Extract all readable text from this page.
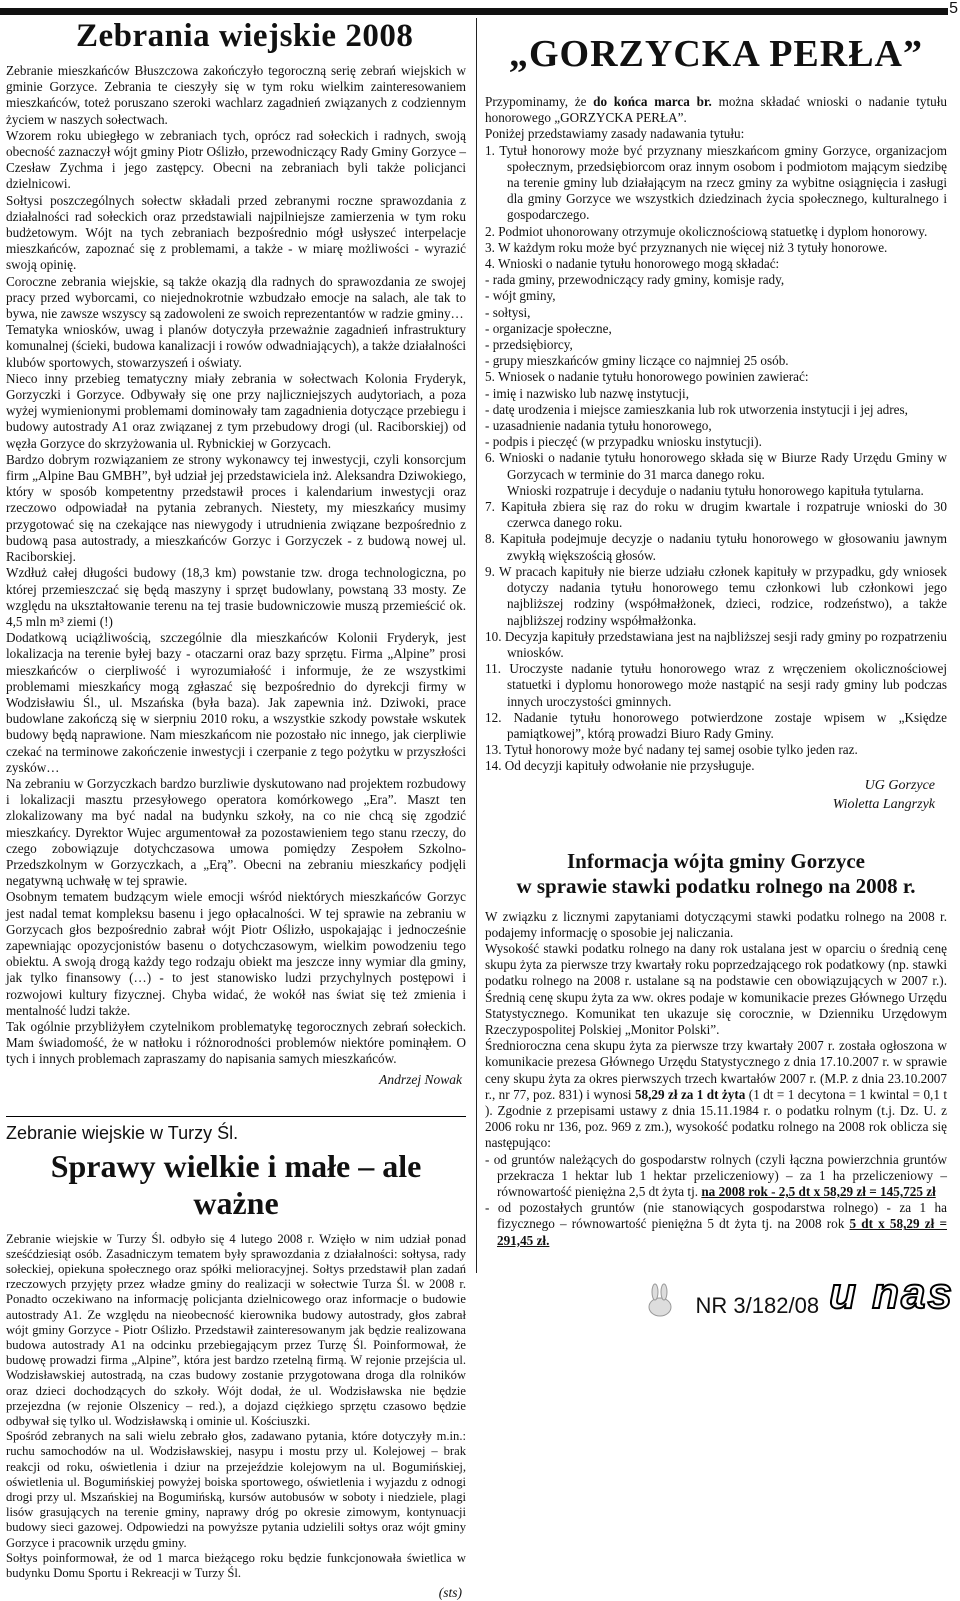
5
Zebrania wiejskie 2008

Zebranie mieszkańców Błuszczowa zakończyło tegoroczną serię zebrań wiejskich w gminie Gorzyce. Zebrania te cieszyły się w tym roku wielkim zainteresowaniem mieszkańców, toteż poruszano szeroki wachlarz zagadnień związanych z codziennym życiem w naszych sołectwach.

Wzorem roku ubiegłego w zebraniach tych, oprócz rad sołeckich i radnych, swoją obecność zaznaczył wójt gminy Piotr Oślizło, przewodniczący Rady Gminy Gorzyce – Czesław Zychma i jego zastępcy. Obecni na zebraniach byli także policjanci dzielnicowi.

Sołtysi poszczególnych sołectw składali przed zebranymi roczne sprawozdania z działalności rad sołeckich oraz przedstawiali najpilniejsze zamierzenia w tym roku budżetowym. Wójt na tych zebraniach bezpośrednio mógł usłyszeć interpelacje mieszkańców, zapoznać się z problemami, a także - w miarę możliwości - wyrazić swoją opinię.

Coroczne zebrania wiejskie, są także okazją dla radnych do sprawozdania ze swojej pracy przed wyborcami, co niejednokrotnie wzbudzało emocje na salach, ale tak to bywa, nie zawsze wszyscy są zadowoleni ze swoich reprezentantów w radzie gminy…

Tematyka wniosków, uwag i planów dotyczyła przeważnie zagadnień infrastruktury komunalnej (ścieki, budowa kanalizacji i rowów odwadniających), a także działalności klubów sportowych, stowarzyszeń i oświaty.

Nieco inny przebieg tematyczny miały zebrania w sołectwach Kolonia Fryderyk, Gorzyczki i Gorzyce. Odbywały się one przy najliczniejszych audytoriach, a poza wyżej wymienionymi problemami dominowały tam zagadnienia dotyczące przebiegu i budowy autostrady A1 oraz związanej z tym przebudowy drogi (ul. Raciborskiej) od węzła Gorzyce do skrzyżowania ul. Rybnickiej w Gorzycach.

Bardzo dobrym rozwiązaniem ze strony wykonawcy tej inwestycji, czyli konsorcjum firm „Alpine Bau GMBH”, był udział jej przedstawiciela inż. Aleksandra Dziwokiego, który w sposób kompetentny przedstawił proces i kalendarium inwestycji oraz rzeczowo odpowiadał na pytania zebranych. Niestety, my mieszkańcy musimy przygotować się na czekające nas niewygody i utrudnienia związane bezpośrednio z budową pasa autostrady, a mieszkańców Gorzyc i Gorzyczek - z budową nowej ul. Raciborskiej.

Wzdłuż całej długości budowy (18,3 km) powstanie tzw. droga technologiczna, po której przemieszczać się będą maszyny i sprzęt budowlany, powstaną 33 mosty. Ze względu na ukształtowanie terenu na tej trasie budowniczowie muszą przemieścić ok. 4,5 mln m³ ziemi (!)

Dodatkową uciążliwością, szczególnie dla mieszkańców Kolonii Fryderyk, jest lokalizacja na terenie byłej bazy - otaczarni oraz bazy sprzętu. Firma „Alpine” prosi mieszkańców o cierpliwość i wyrozumiałość i informuje, że ze wszystkimi problemami mieszkańcy mogą zgłaszać się bezpośrednio do dyrekcji firmy w Wodzisławiu Śl., ul. Mszańska (była baza). Jak zapewnia inż. Dziwoki, prace budowlane zakończą się w sierpniu 2010 roku, a wszystkie szkody powstałe wskutek budowy będą naprawione. Nam mieszkańcom nie pozostało nic innego, jak cierpliwie czekać na terminowe zakończenie inwestycji i czerpanie z tego pożytku w przyszłości zysków…

Na zebraniu w Gorzyczkach bardzo burzliwie dyskutowano nad projektem rozbudowy i lokalizacji masztu przesyłowego operatora komórkowego „Era”. Maszt ten zlokalizowany ma być nadal na budynku szkoły, na co nie chcą się zgodzić mieszkańcy. Dyrektor Wujec argumentował za pozostawieniem tego stanu rzeczy, do czego zobowiązuje dotychczasowa umowa pomiędzy Zespołem Szkolno-Przedszkolnym w Gorzyczkach, a „Erą”. Obecni na zebraniu mieszkańcy podjęli negatywną uchwałę w tej sprawie.

Osobnym tematem budzącym wiele emocji wśród niektórych mieszkańców Gorzyc jest nadal temat kompleksu basenu i jego opłacalności. W tej sprawie na zebraniu w Gorzycach głos bezpośrednio zabrał wójt Piotr Oślizło, uspokajając i jednocześnie zapewniając opozycjonistów basenu o dotychczasowym, wielkim powodzeniu tego obiektu. A swoją drogą każdy tego rodzaju obiekt ma jeszcze inny wymiar dla gminy, jak tylko finansowy (…) - to jest stanowisko ludzi przychylnych postępowi i rozwojowi kultury fizycznej. Chyba widać, że wokół nas świat się też zmienia i mentalność ludzi także.

Tak ogólnie przybliżyłem czytelnikom problematykę tegorocznych zebrań sołeckich. Mam świadomość, że w natłoku i różnorodności problemów niektóre pominąłem. O tych i innych problemach zapraszamy do napisania samych mieszkańców.

Andrzej Nowak
Zebranie wiejskie w Turzy Śl.
Sprawy wielkie i małe – ale ważne

Zebranie wiejskie w Turzy Śl. odbyło się 4 lutego 2008 r. Wzięło w nim udział ponad sześćdziesiąt osób. Zasadniczym tematem były sprawozdania z działalności: sołtysa, rady sołeckiej, opiekuna społecznego oraz spółki melioracyjnej. Sołtys przedstawił plan zadań rzeczowych przyjęty przez władze gminy do realizacji w sołectwie Turza Śl. w 2008 r. Ponadto oczekiwano na informację policjanta dzielnicowego oraz informacje o budowie autostrady A1. Ze względu na nieobecność kierownika budowy autostrady, głos zabrał wójt gminy Gorzyce - Piotr Oślizło. Przedstawił zainteresowanym jak będzie realizowana budowa autostrady A1 na odcinku przebiegającym przez Turzę Śl. Poinformował, że budowę prowadzi firma „Alpine”, która jest bardzo rzetelną firmą. W rejonie przejścia ul. Wodzisławskiej autostradą, na czas budowy zostanie przygotowana droga dla rolników oraz dzieci dochodzących do szkoły. Wójt dodał, że ul. Wodzisławska nie będzie przejezdna (w rejonie Olszenicy – red.), a dojazd ciężkiego sprzętu czasowo będzie odbywał się tylko ul. Wodzisławską i ominie ul. Kościuszki.

Spośród zebranych na sali wielu zebrało głos, zadawano pytania, które dotyczyły m.in.: ruchu samochodów na ul. Wodzisławskiej, nasypu i mostu przy ul. Kolejowej – brak reakcji od roku, oświetlenia i dziur na przejeździe kolejowym na ul. Bogumińskiej, oświetlenia ul. Bogumińskiej powyżej boiska sportowego, oświetlenia i wyjazdu z odnogi drogi przy ul. Mszańskiej na Bogumińską, kursów autobusów w soboty i niedziele, plagi lisów grasujących na terenie gminy, naprawy dróg po okresie zimowym, kontynuacji budowy sieci gazowej. Odpowiedzi na powyższe pytania udzielili sołtys oraz wójt gminy Gorzyce i pracownik urzędu gminy.

Sołtys poinformował, że od 1 marca bieżącego roku będzie funkcjonowała świetlica w budynku Domu Sportu i Rekreacji w Turzy Śl.

(sts)
„GORZYCKA PERŁA”

Przypominamy, że do końca marca br. można składać wnioski o nadanie tytułu honorowego „GORZYCKA PERŁA”.

Poniżej przedstawiamy zasady nadawania tytułu:

1. Tytuł honorowy może być przyznany mieszkańcom gminy Gorzyce, organizacjom społecznym, przedsiębiorcom oraz innym osobom i podmiotom mającym siedzibę na terenie gminy lub działającym na rzecz gminy za wybitne osiągnięcia i zasługi dla gminy Gorzyce we wszystkich dziedzinach życia społecznego, kulturalnego i gospodarczego.
2. Podmiot uhonorowany otrzymuje okolicznościową statuetkę i dyplom honorowy.
3. W każdym roku może być przyznanych nie więcej niż 3 tytuły honorowe.
4. Wnioski o nadanie tytułu honorowego mogą składać:
- rada gminy, przewodniczący rady gminy, komisje rady,
- wójt gminy,
- sołtysi,
- organizacje społeczne,
- przedsiębiorcy,
- grupy mieszkańców gminy liczące co najmniej 25 osób.
5. Wniosek o nadanie tytułu honorowego powinien zawierać:
- imię i nazwisko lub nazwę instytucji,
- datę urodzenia i miejsce zamieszkania lub rok utworzenia instytucji i jej adres,
- uzasadnienie nadania tytułu honorowego,
- podpis i pieczęć (w przypadku wniosku instytucji).
6. Wnioski o nadanie tytułu honorowego składa się w Biurze Rady Urzędu Gminy w Gorzycach w terminie do 31 marca danego roku.
Wnioski rozpatruje i decyduje o nadaniu tytułu honorowego kapituła tytularna.
7. Kapituła zbiera się raz do roku w drugim kwartale i rozpatruje wnioski do 30 czerwca danego roku.
8. Kapituła podejmuje decyzje o nadaniu tytułu honorowego w głosowaniu jawnym zwykłą większością głosów.
9. W pracach kapituły nie bierze udziału członek kapituły w przypadku, gdy wniosek dotyczy nadania tytułu honorowego temu członkowi lub członkowi jego najbliższej rodziny (współmałżonek, dzieci, rodzice, rodzeństwo), a także najbliższej rodziny współmałżonka.
10. Decyzja kapituły przedstawiana jest na najbliższej sesji rady gminy po rozpatrzeniu wniosków.
11. Uroczyste nadanie tytułu honorowego wraz z wręczeniem okolicznościowej statuetki i dyplomu honorowego może nastąpić na sesji rady gminy lub podczas innych uroczystości gminnych.
12. Nadanie tytułu honorowego potwierdzone zostaje wpisem w „Księdze pamiątkowej”, którą prowadzi Biuro Rady Gminy.
13. Tytuł honorowy może być nadany tej samej osobie tylko jeden raz.
14. Od decyzji kapituły odwołanie nie przysługuje.
UG Gorzyce
Wioletta Langrzyk
Informacja wójta gminy Gorzyce
w sprawie stawki podatku rolnego na 2008 r.

W związku z licznymi zapytaniami dotyczącymi stawki podatku rolnego na 2008 r. podajemy informację o sposobie jej naliczania.

Wysokość stawki podatku rolnego na dany rok ustalana jest w oparciu o średnią cenę skupu żyta za pierwsze trzy kwartały roku poprzedzającego rok podatkowy (np. stawki podatku rolnego na 2008 r. ustalane są na podstawie cen obowiązujących w 2007 r.). Średnią cenę skupu żyta za ww. okres podaje w komunikacie prezes Głównego Urzędu Statystycznego. Komunikat ten ukazuje się corocznie, w Dzienniku Urzędowym Rzeczypospolitej Polskiej „Monitor Polski”.

Średniorocznа cena skupu żyta za pierwsze trzy kwartały 2007 r. została ogłoszona w komunikacie prezesa Głównego Urzędu Statystycznego z dnia 17.10.2007 r. w sprawie ceny skupu żyta za okres pierwszych trzech kwartałów 2007 r. (M.P. z dnia 23.10.2007 r., nr 77, poz. 831) i wynosi 58,29 zł za 1 dt żyta (1 dt = 1 decytona = 1 kwintal = 0,1 t ). Zgodnie z przepisami ustawy z dnia 15.11.1984 r. o podatku rolnym (t.j. Dz. U. z 2006 roku nr 136, poz. 969 z zm.), wysokość podatku rolnego na 2008 rok oblicza się następująco:

- od gruntów należących do gospodarstw rolnych (czyli łączna powierzchnia gruntów przekracza 1 hektar lub 1 hektar przeliczeniowy) – za 1 ha przeliczeniowy – równowartość pieniężna 2,5 dt żyta tj. na 2008 rok - 2,5 dt x 58,29 zł = 145,725 zł
- od pozostałych gruntów (nie stanowiących gospodarstwa rolnego) - za 1 ha fizycznego – równowartość pieniężna 5 dt żyta tj. na 2008 rok 5 dt x 58,29 zł = 291,45 zł.
NR 3/182/08 u nas
